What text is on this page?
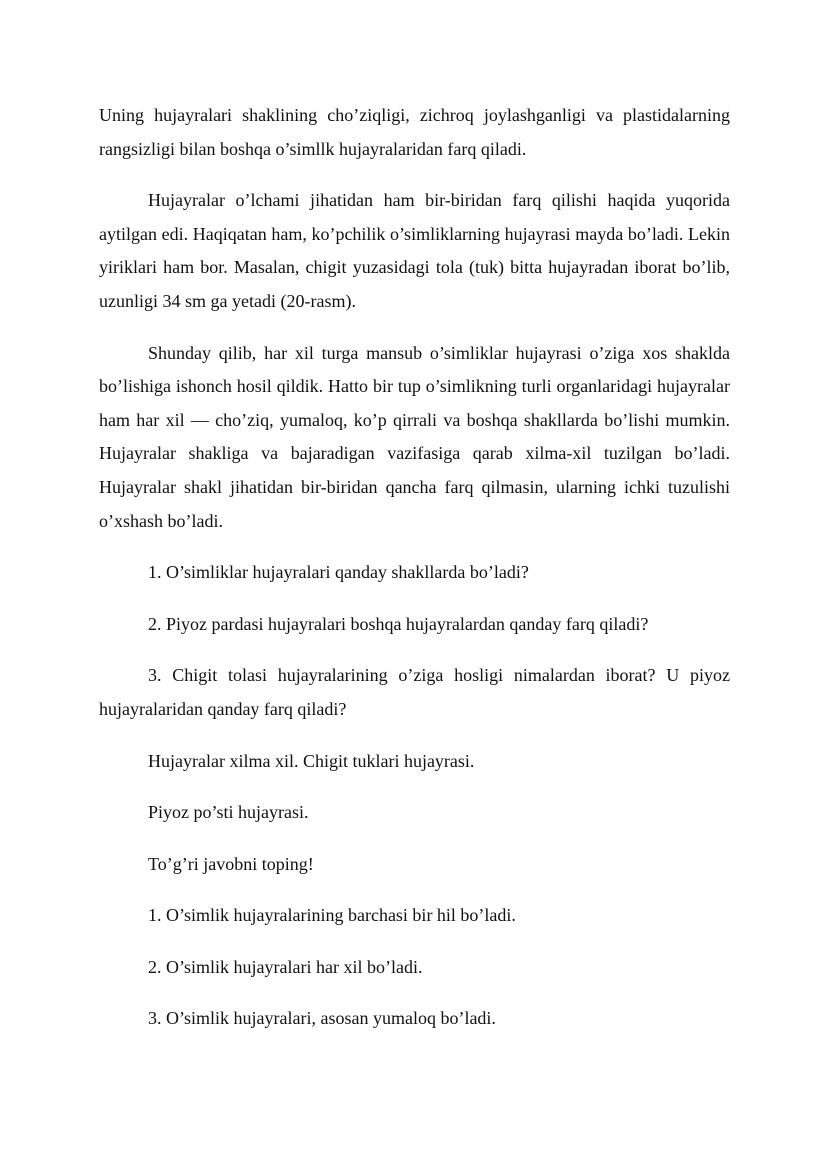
Uning hujayralari shaklining cho’ziqligi, zichroq joylashganligi va plastidalarning rangsizligi bilan boshqa o’simllk hujayralaridan farq qiladi.

Hujayralar o’lchami jihatidan ham bir-biridan farq qilishi haqida yuqorida aytilgan edi. Haqiqatan ham, ko’pchilik o’simliklarning hujayrasi mayda bo’ladi. Lekin yiriklari ham bor. Masalan, chigit yuzasidagi tola (tuk) bitta hujayradan iborat bo’lib, uzunligi 34 sm ga yetadi (20-rasm).

Shunday qilib, har xil turga mansub o’simliklar hujayrasi o’ziga xos shaklda bo’lishiga ishonch hosil qildik. Hatto bir tup o’simlikning turli organlaridagi hujayralar ham har xil — cho’ziq, yumaloq, ko’p qirrali va boshqa shakllarda bo’lishi mumkin. Hujayralar shakliga va bajaradigan vazifasiga qarab xilma-xil tuzilgan bo’ladi. Hujayralar shakl jihatidan bir-biridan qancha farq qilmasin, ularning ichki tuzulishi o’xshash bo’ladi.

1. O’simliklar hujayralari qanday shakllarda bo’ladi?

2. Piyoz pardasi hujayralari boshqa hujayralardan qanday farq qiladi?

3. Chigit tolasi hujayralarining o’ziga hosligi nimalardan iborat? U piyoz hujayralaridan qanday farq qiladi?

Hujayralar xilma xil. Chigit tuklari hujayrasi.

Piyoz po’sti hujayrasi.

To’g’ri javobni toping!

1. O’simlik hujayralarining barchasi bir hil bo’ladi.

2. O’simlik hujayralari har xil bo’ladi.

3. O’simlik hujayralari, asosan yumaloq bo’ladi.
